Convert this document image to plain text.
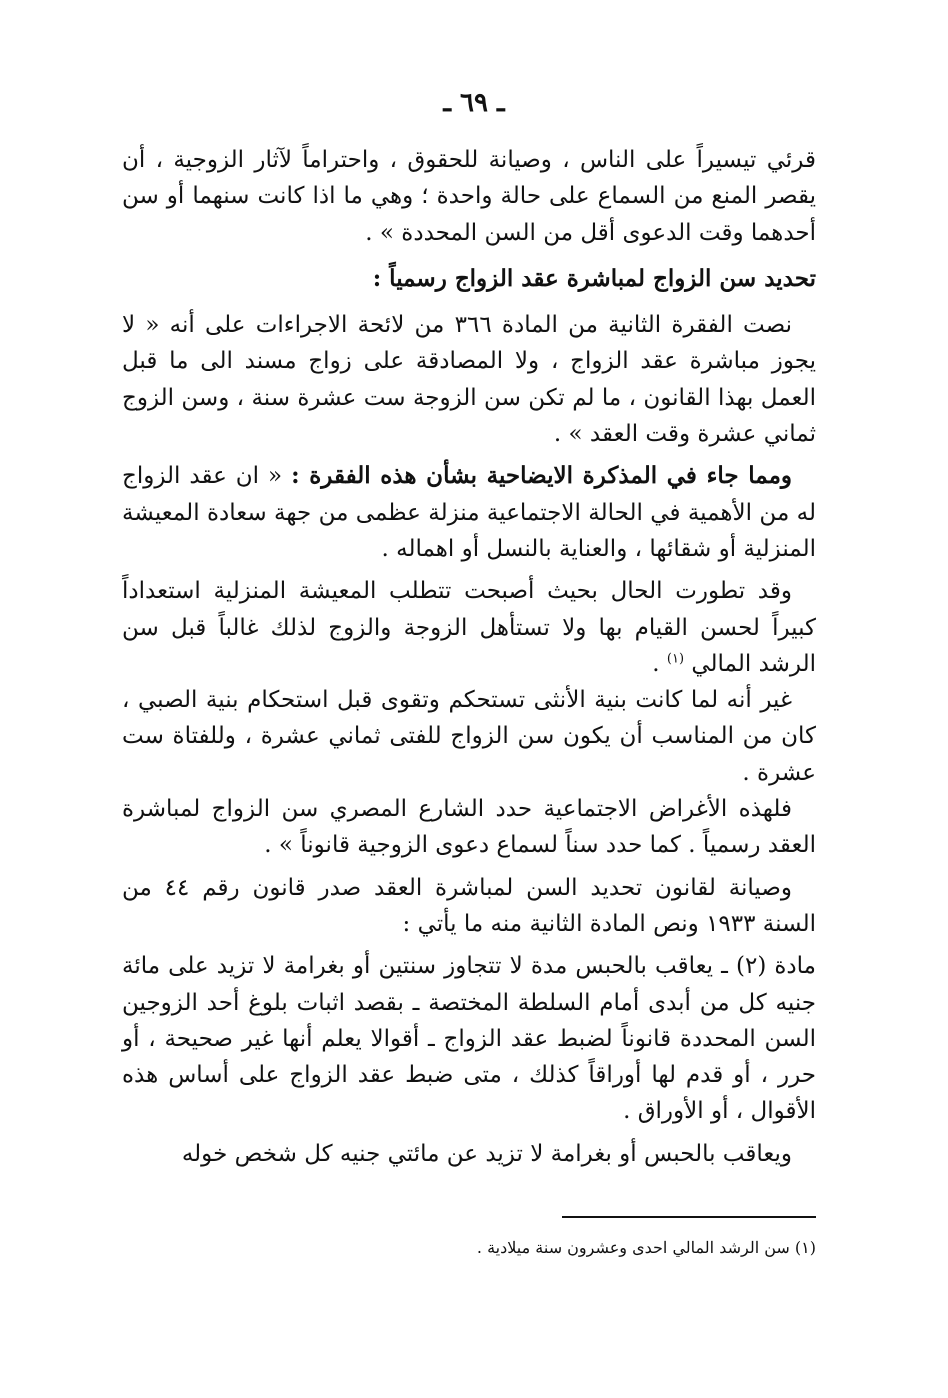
ـ ٦٩ ـ

قرئي تيسيراً على الناس ، وصيانة للحقوق ، واحتراماً لآثار الزوجية ، أن يقصر المنع من السماع على حالة واحدة ؛ وهي ما اذا كانت سنهما أو سن أحدهما وقت الدعوى أقل من السن المحددة » .

تحديد سن الزواج لمباشرة عقد الزواج رسمياً :

نصت الفقرة الثانية من المادة ٣٦٦ من لائحة الاجراءات على أنه « لا يجوز مباشرة عقد الزواج ، ولا المصادقة على زواج مسند الى ما قبل العمل بهذا القانون ، ما لم تكن سن الزوجة ست عشرة سنة ، وسن الزوج ثماني عشرة وقت العقد » .

ومما جاء في المذكرة الايضاحية بشأن هذه الفقرة : « ان عقد الزواج له من الأهمية في الحالة الاجتماعية منزلة عظمى من جهة سعادة المعيشة المنزلية أو شقائها ، والعناية بالنسل أو اهماله .

وقد تطورت الحال بحيث أصبحت تتطلب المعيشة المنزلية استعداداً كبيراً لحسن القيام بها ولا تستأهل الزوجة والزوج لذلك غالباً قبل سن الرشد المالي $^{(١)}$ .

غير أنه لما كانت بنية الأنثى تستحكم وتقوى قبل استحكام بنية الصبي ، كان من المناسب أن يكون سن الزواج للفتى ثماني عشرة ، وللفتاة ست عشرة .

فلهذه الأغراض الاجتماعية حدد الشارع المصري سن الزواج لمباشرة العقد رسمياً . كما حدد سناً لسماع دعوى الزوجية قانوناً » .

وصيانة لقانون تحديد السن لمباشرة العقد صدر قانون رقم ٤٤ من السنة ١٩٣٣ ونص المادة الثانية منه ما يأتي :

مادة (٢) ـ يعاقب بالحبس مدة لا تتجاوز سنتين أو بغرامة لا تزيد على مائة جنيه كل من أبدى أمام السلطة المختصة ـ بقصد اثبات بلوغ أحد الزوجين السن المحددة قانوناً لضبط عقد الزواج ـ أقوالا يعلم أنها غير صحيحة ، أو حرر ، أو قدم لها أوراقاً كذلك ، متى ضبط عقد الزواج على أساس هذه الأقوال ، أو الأوراق .

ويعاقب بالحبس أو بغرامة لا تزيد عن مائتي جنيه كل شخص خوله

(١) سن الرشد المالي احدى وعشرون سنة ميلادية .
